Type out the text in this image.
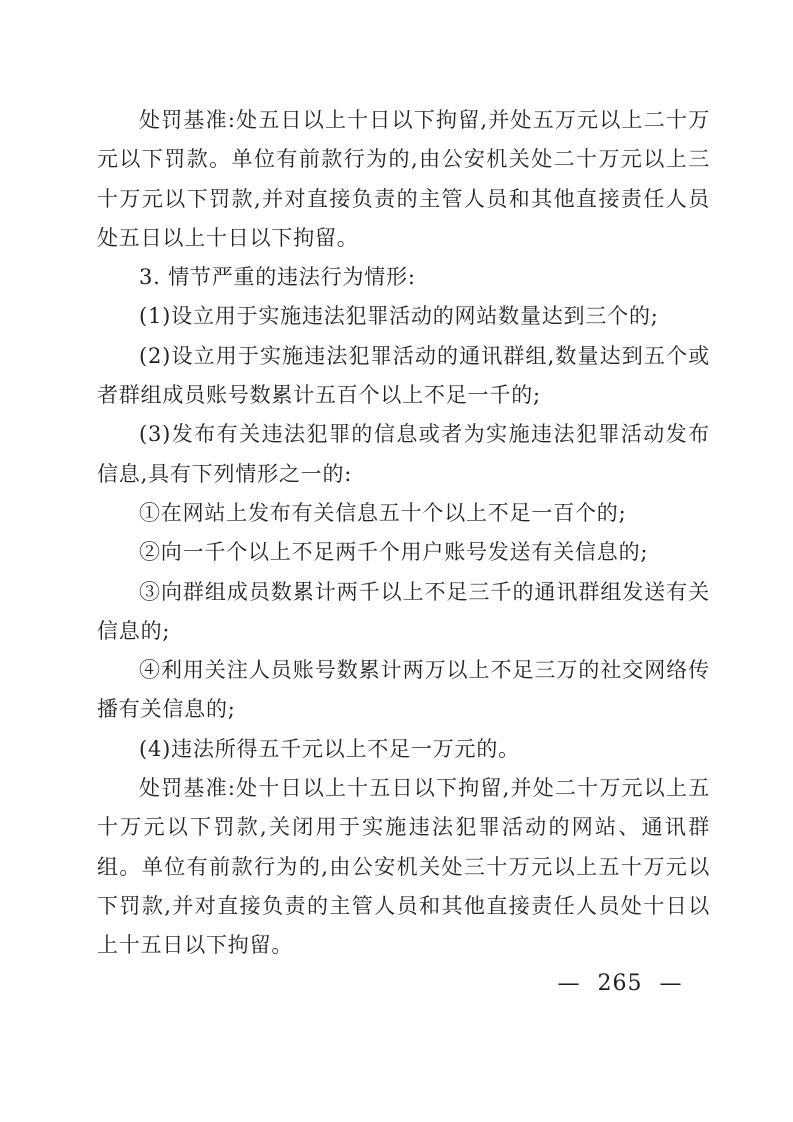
处罚基准:处五日以上十日以下拘留,并处五万元以上二十万元以下罚款。单位有前款行为的,由公安机关处二十万元以上三十万元以下罚款,并对直接负责的主管人员和其他直接责任人员处五日以上十日以下拘留。

3. 情节严重的违法行为情形:

(1)设立用于实施违法犯罪活动的网站数量达到三个的;

(2)设立用于实施违法犯罪活动的通讯群组,数量达到五个或者群组成员账号数累计五百个以上不足一千的;

(3)发布有关违法犯罪的信息或者为实施违法犯罪活动发布信息,具有下列情形之一的:

①在网站上发布有关信息五十个以上不足一百个的;

②向一千个以上不足两千个用户账号发送有关信息的;

③向群组成员数累计两千以上不足三千的通讯群组发送有关信息的;

④利用关注人员账号数累计两万以上不足三万的社交网络传播有关信息的;

(4)违法所得五千元以上不足一万元的。

处罚基准:处十日以上十五日以下拘留,并处二十万元以上五十万元以下罚款,关闭用于实施违法犯罪活动的网站、通讯群组。单位有前款行为的,由公安机关处三十万元以上五十万元以下罚款,并对直接负责的主管人员和其他直接责任人员处十日以上十五日以下拘留。

— 265 —
